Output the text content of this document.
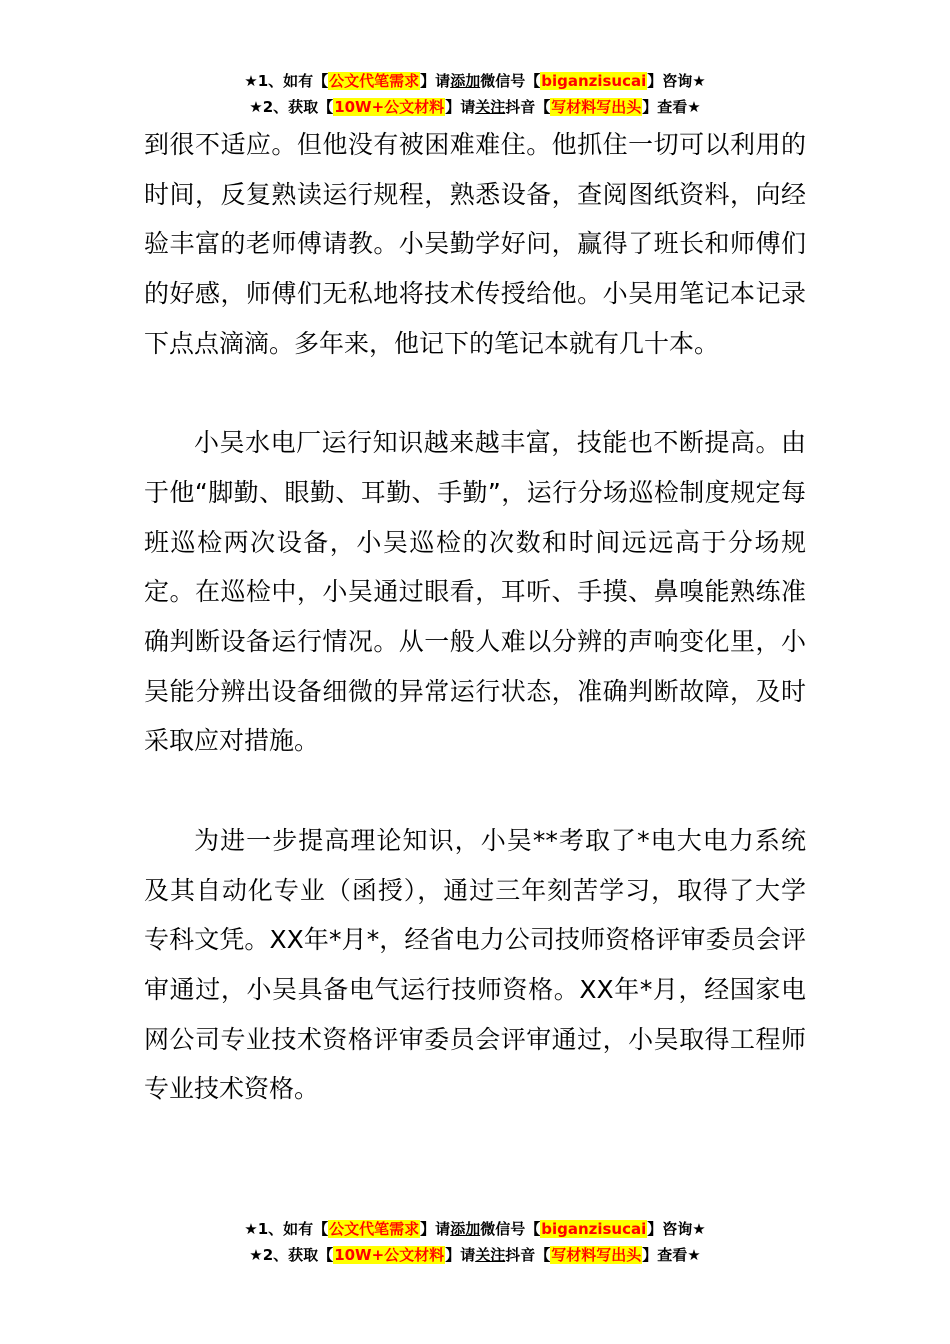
★1、如有【公文代笔需求】请添加微信号【biganzisucai】咨询★
★2、获取【10W+公文材料】请关注抖音【写材料写出头】查看★

到很不适应。但他没有被困难难住。他抓住一切可以利用的时间，反复熟读运行规程，熟悉设备，查阅图纸资料，向经验丰富的老师傅请教。小吴勤学好问，赢得了班长和师傅们的好感，师傅们无私地将技术传授给他。小吴用笔记本记录下点点滴滴。多年来，他记下的笔记本就有几十本。

小吴水电厂运行知识越来越丰富，技能也不断提高。由于他“脚勤、眼勤、耳勤、手勤”，运行分场巡检制度规定每班巡检两次设备，小吴巡检的次数和时间远远高于分场规定。在巡检中，小吴通过眼看，耳听、手摸、鼻嗅能熟练准确判断设备运行情况。从一般人难以分辨的声响变化里，小吴能分辨出设备细微的异常运行状态，准确判断故障，及时采取应对措施。

为进一步提高理论知识，小吴**考取了*电大电力系统及其自动化专业（函授），通过三年刻苦学习，取得了大学专科文凭。XX年*月*，经省电力公司技师资格评审委员会评审通过，小吴具备电气运行技师资格。XX年*月，经国家电网公司专业技术资格评审委员会评审通过，小吴取得工程师专业技术资格。

★1、如有【公文代笔需求】请添加微信号【biganzisucai】咨询★
★2、获取【10W+公文材料】请关注抖音【写材料写出头】查看★
